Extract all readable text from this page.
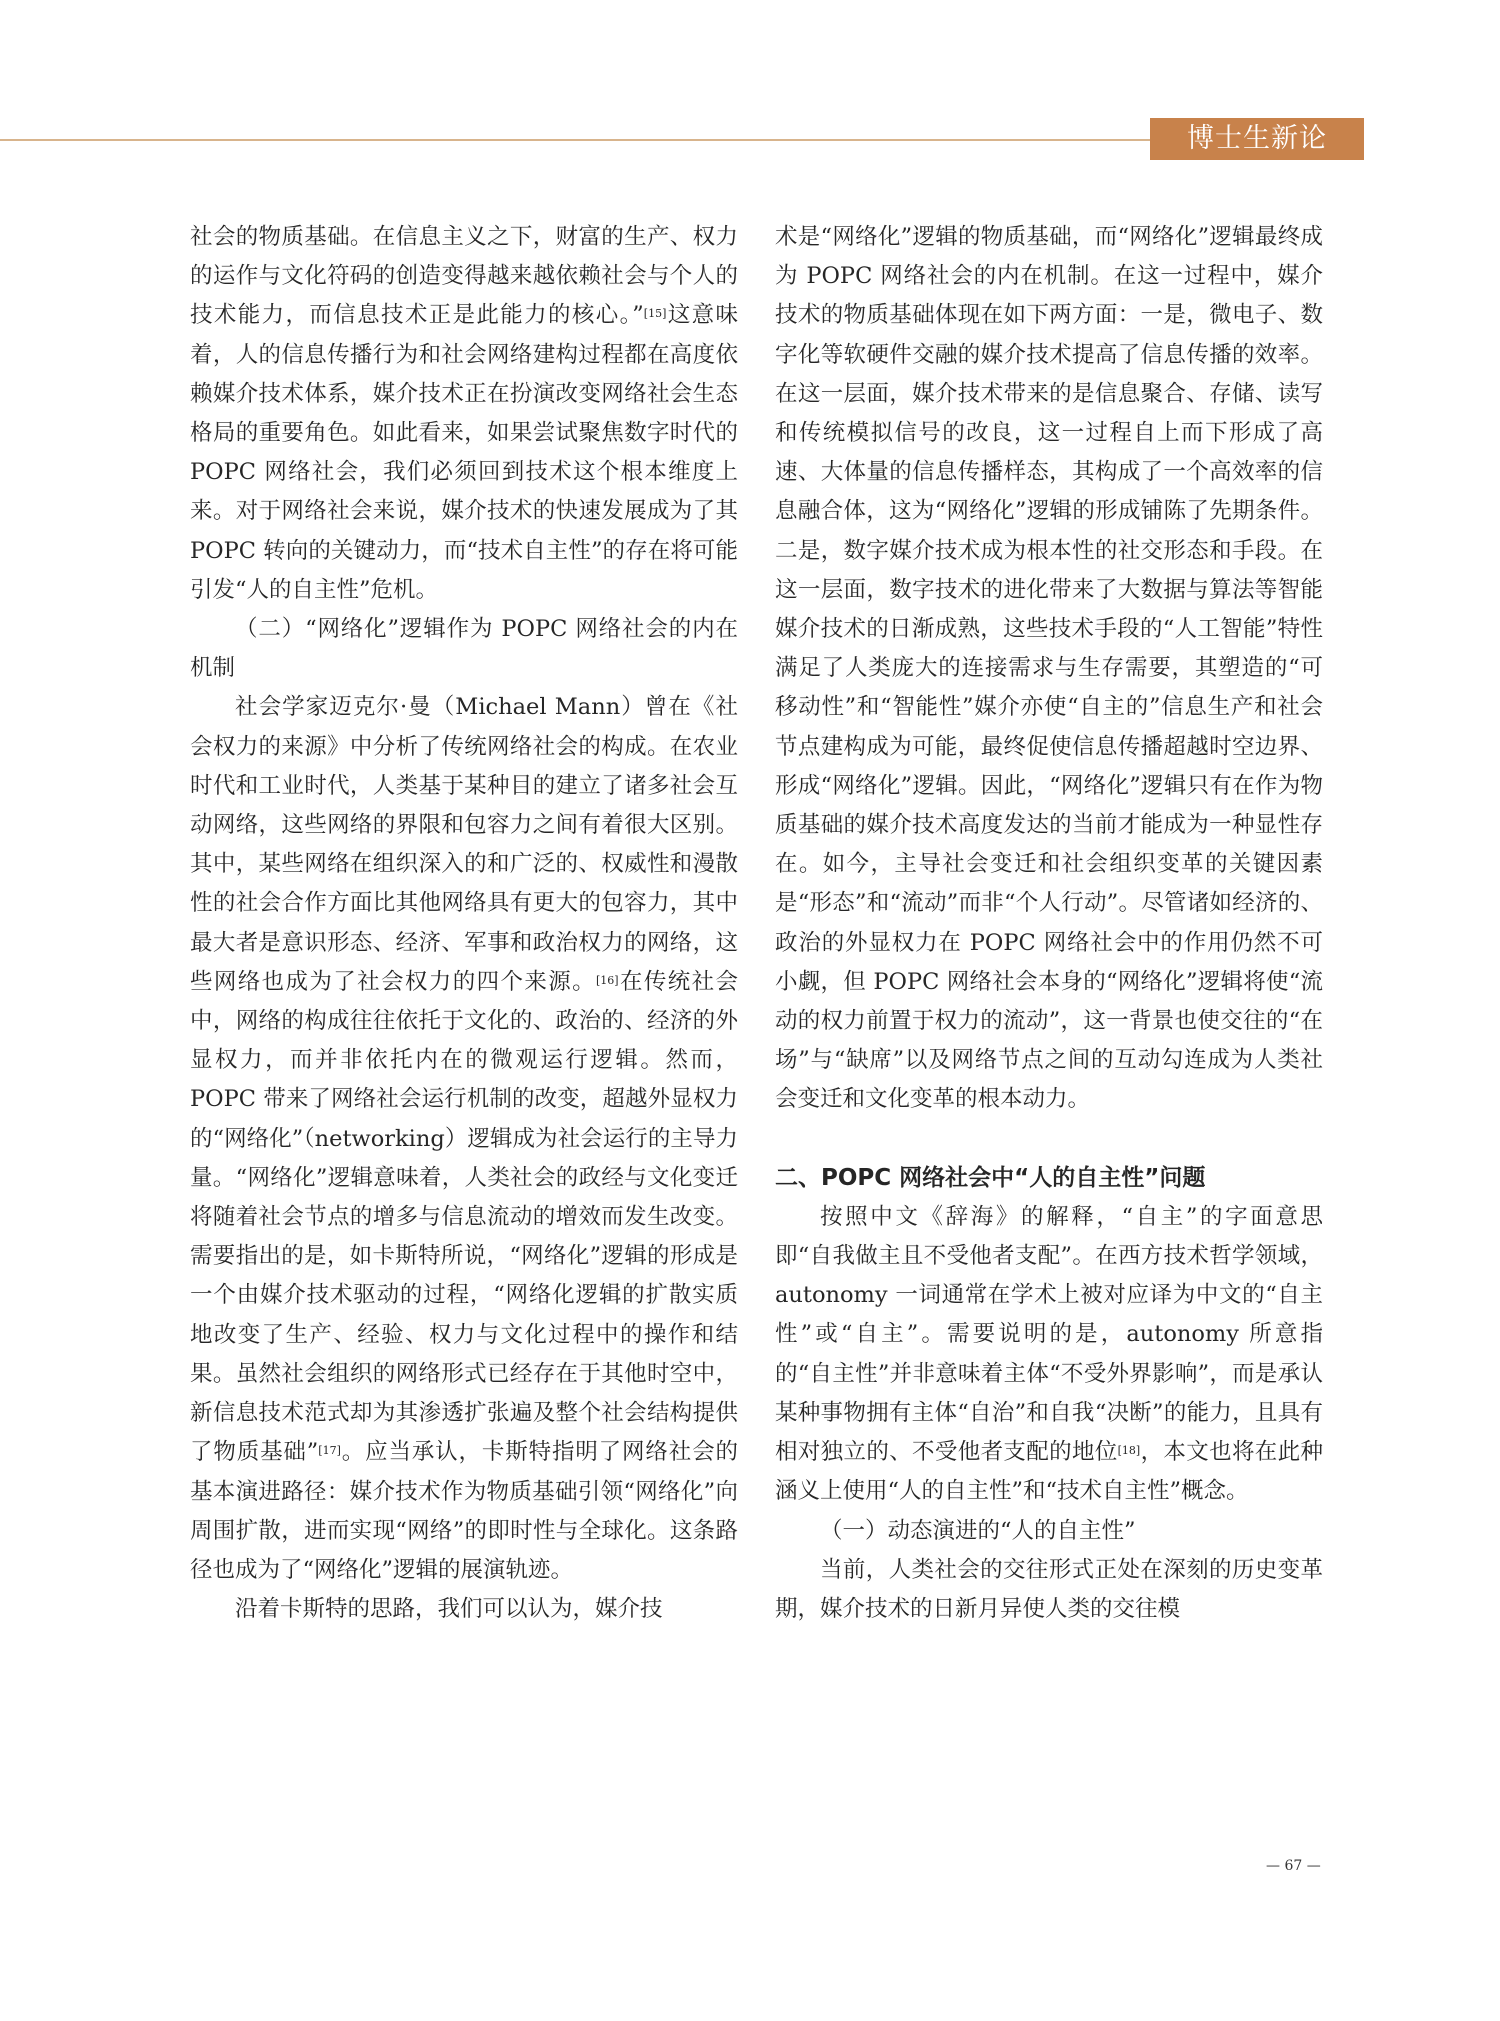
博士生新论

社会的物质基础。在信息主义之下，财富的生产、权力的运作与文化符码的创造变得越来越依赖社会与个人的技术能力，而信息技术正是此能力的核心。”[15]这意味着，人的信息传播行为和社会网络建构过程都在高度依赖媒介技术体系，媒介技术正在扮演改变网络社会生态格局的重要角色。如此看来，如果尝试聚焦数字时代的 POPC 网络社会，我们必须回到技术这个根本维度上来。对于网络社会来说，媒介技术的快速发展成为了其 POPC 转向的关键动力，而“技术自主性”的存在将可能引发“人的自主性”危机。

（二）“网络化”逻辑作为 POPC 网络社会的内在机制

社会学家迈克尔·曼（Michael Mann）曾在《社会权力的来源》中分析了传统网络社会的构成。在农业时代和工业时代，人类基于某种目的建立了诸多社会互动网络，这些网络的界限和包容力之间有着很大区别。其中，某些网络在组织深入的和广泛的、权威性和漫散性的社会合作方面比其他网络具有更大的包容力，其中最大者是意识形态、经济、军事和政治权力的网络，这些网络也成为了社会权力的四个来源。[16]在传统社会中，网络的构成往往依托于文化的、政治的、经济的外显权力，而并非依托内在的微观运行逻辑。然而，POPC 带来了网络社会运行机制的改变，超越外显权力的“网络化”（networking）逻辑成为社会运行的主导力量。“网络化”逻辑意味着，人类社会的政经与文化变迁将随着社会节点的增多与信息流动的增效而发生改变。需要指出的是，如卡斯特所说，“网络化”逻辑的形成是一个由媒介技术驱动的过程，“网络化逻辑的扩散实质地改变了生产、经验、权力与文化过程中的操作和结果。虽然社会组织的网络形式已经存在于其他时空中，新信息技术范式却为其渗透扩张遍及整个社会结构提供了物质基础”[17]。应当承认，卡斯特指明了网络社会的基本演进路径：媒介技术作为物质基础引领“网络化”向周围扩散，进而实现“网络”的即时性与全球化。这条路径也成为了“网络化”逻辑的展演轨迹。

沿着卡斯特的思路，我们可以认为，媒介技

术是“网络化”逻辑的物质基础，而“网络化”逻辑最终成为 POPC 网络社会的内在机制。在这一过程中，媒介技术的物质基础体现在如下两方面：一是，微电子、数字化等软硬件交融的媒介技术提高了信息传播的效率。在这一层面，媒介技术带来的是信息聚合、存储、读写和传统模拟信号的改良，这一过程自上而下形成了高速、大体量的信息传播样态，其构成了一个高效率的信息融合体，这为“网络化”逻辑的形成铺陈了先期条件。二是，数字媒介技术成为根本性的社交形态和手段。在这一层面，数字技术的进化带来了大数据与算法等智能媒介技术的日渐成熟，这些技术手段的“人工智能”特性满足了人类庞大的连接需求与生存需要，其塑造的“可移动性”和“智能性”媒介亦使“自主的”信息生产和社会节点建构成为可能，最终促使信息传播超越时空边界、形成“网络化”逻辑。因此，“网络化”逻辑只有在作为物质基础的媒介技术高度发达的当前才能成为一种显性存在。如今，主导社会变迁和社会组织变革的关键因素是“形态”和“流动”而非“个人行动”。尽管诸如经济的、政治的外显权力在 POPC 网络社会中的作用仍然不可小觑，但 POPC 网络社会本身的“网络化”逻辑将使“流动的权力前置于权力的流动”，这一背景也使交往的“在场”与“缺席”以及网络节点之间的互动勾连成为人类社会变迁和文化变革的根本动力。

二、POPC 网络社会中“人的自主性”问题

按照中文《辞海》的解释，“自主”的字面意思即“自我做主且不受他者支配”。在西方技术哲学领域，autonomy 一词通常在学术上被对应译为中文的“自主性”或“自主”。需要说明的是，autonomy 所意指的“自主性”并非意味着主体“不受外界影响”，而是承认某种事物拥有主体“自治”和自我“决断”的能力，且具有相对独立的、不受他者支配的地位[18]，本文也将在此种涵义上使用“人的自主性”和“技术自主性”概念。

（一）动态演进的“人的自主性”

当前，人类社会的交往形式正处在深刻的历史变革期，媒介技术的日新月异使人类的交往模

— 67 —
